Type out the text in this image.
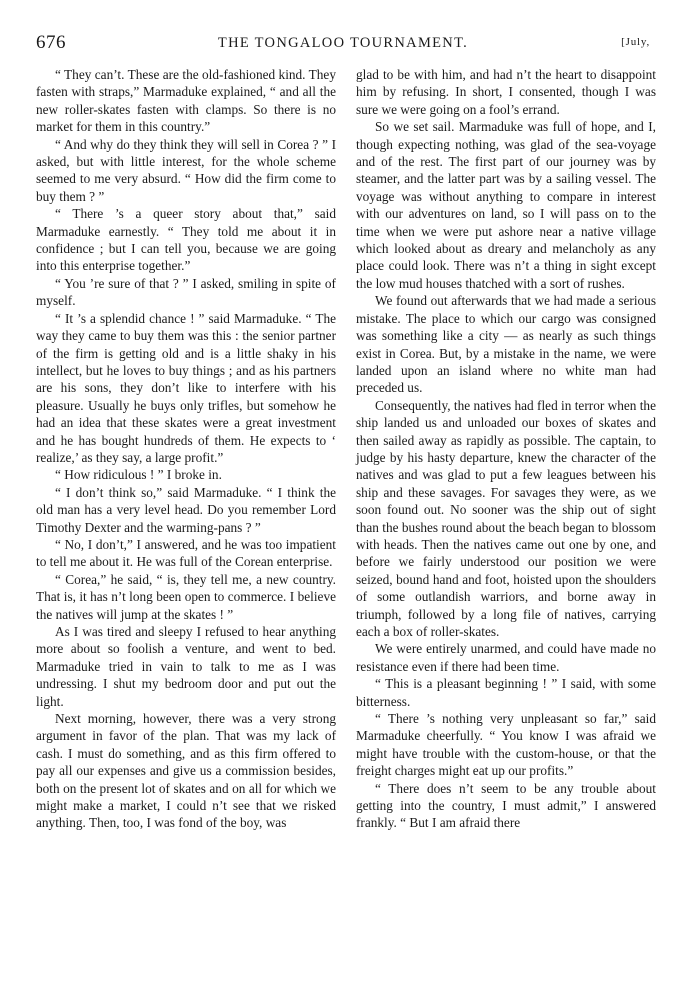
676	THE TONGALOO TOURNAMENT.	[July,

“ They can’t. These are the old-fashioned kind. They fasten with straps,” Marmaduke explained, “ and all the new roller-skates fasten with clamps. So there is no market for them in this country.”

“ And why do they think they will sell in Corea ? ” I asked, but with little interest, for the whole scheme seemed to me very absurd. “ How did the firm come to buy them ? ”

“ There ’s a queer story about that,” said Marmaduke earnestly. “ They told me about it in confidence ; but I can tell you, because we are going into this enterprise together.”

“ You ’re sure of that ? ” I asked, smiling in spite of myself.

“ It ’s a splendid chance ! ” said Marmaduke. “ The way they came to buy them was this : the senior partner of the firm is getting old and is a little shaky in his intellect, but he loves to buy things ; and as his partners are his sons, they don’t like to interfere with his pleasure. Usually he buys only trifles, but somehow he had an idea that these skates were a great investment and he has bought hundreds of them. He expects to ‘ realize,’ as they say, a large profit.”

“ How ridiculous ! ” I broke in.

“ I don’t think so,” said Marmaduke. “ I think the old man has a very level head. Do you remember Lord Timothy Dexter and the warming-pans ? ”

“ No, I don’t,” I answered, and he was too impatient to tell me about it. He was full of the Corean enterprise.

“ Corea,” he said, “ is, they tell me, a new country. That is, it has n’t long been open to commerce. I believe the natives will jump at the skates ! ”

As I was tired and sleepy I refused to hear anything more about so foolish a venture, and went to bed. Marmaduke tried in vain to talk to me as I was undressing. I shut my bedroom door and put out the light.

Next morning, however, there was a very strong argument in favor of the plan. That was my lack of cash. I must do something, and as this firm offered to pay all our expenses and give us a commission besides, both on the present lot of skates and on all for which we might make a market, I could n’t see that we risked anything. Then, too, I was fond of the boy, was

glad to be with him, and had n’t the heart to disappoint him by refusing. In short, I consented, though I was sure we were going on a fool’s errand.

So we set sail. Marmaduke was full of hope, and I, though expecting nothing, was glad of the sea-voyage and of the rest. The first part of our journey was by steamer, and the latter part was by a sailing vessel. The voyage was without anything to compare in interest with our adventures on land, so I will pass on to the time when we were put ashore near a native village which looked about as dreary and melancholy as any place could look. There was n’t a thing in sight except the low mud houses thatched with a sort of rushes.

We found out afterwards that we had made a serious mistake. The place to which our cargo was consigned was something like a city — as nearly as such things exist in Corea. But, by a mistake in the name, we were landed upon an island where no white man had preceded us.

Consequently, the natives had fled in terror when the ship landed us and unloaded our boxes of skates and then sailed away as rapidly as possible. The captain, to judge by his hasty departure, knew the character of the natives and was glad to put a few leagues between his ship and these savages. For savages they were, as we soon found out. No sooner was the ship out of sight than the bushes round about the beach began to blossom with heads. Then the natives came out one by one, and before we fairly understood our position we were seized, bound hand and foot, hoisted upon the shoulders of some outlandish warriors, and borne away in triumph, followed by a long file of natives, carrying each a box of roller-skates.

We were entirely unarmed, and could have made no resistance even if there had been time.

“ This is a pleasant beginning ! ” I said, with some bitterness.

“ There ’s nothing very unpleasant so far,” said Marmaduke cheerfully. “ You know I was afraid we might have trouble with the custom-house, or that the freight charges might eat up our profits.”

“ There does n’t seem to be any trouble about getting into the country, I must admit,” I answered frankly. “ But I am afraid there
